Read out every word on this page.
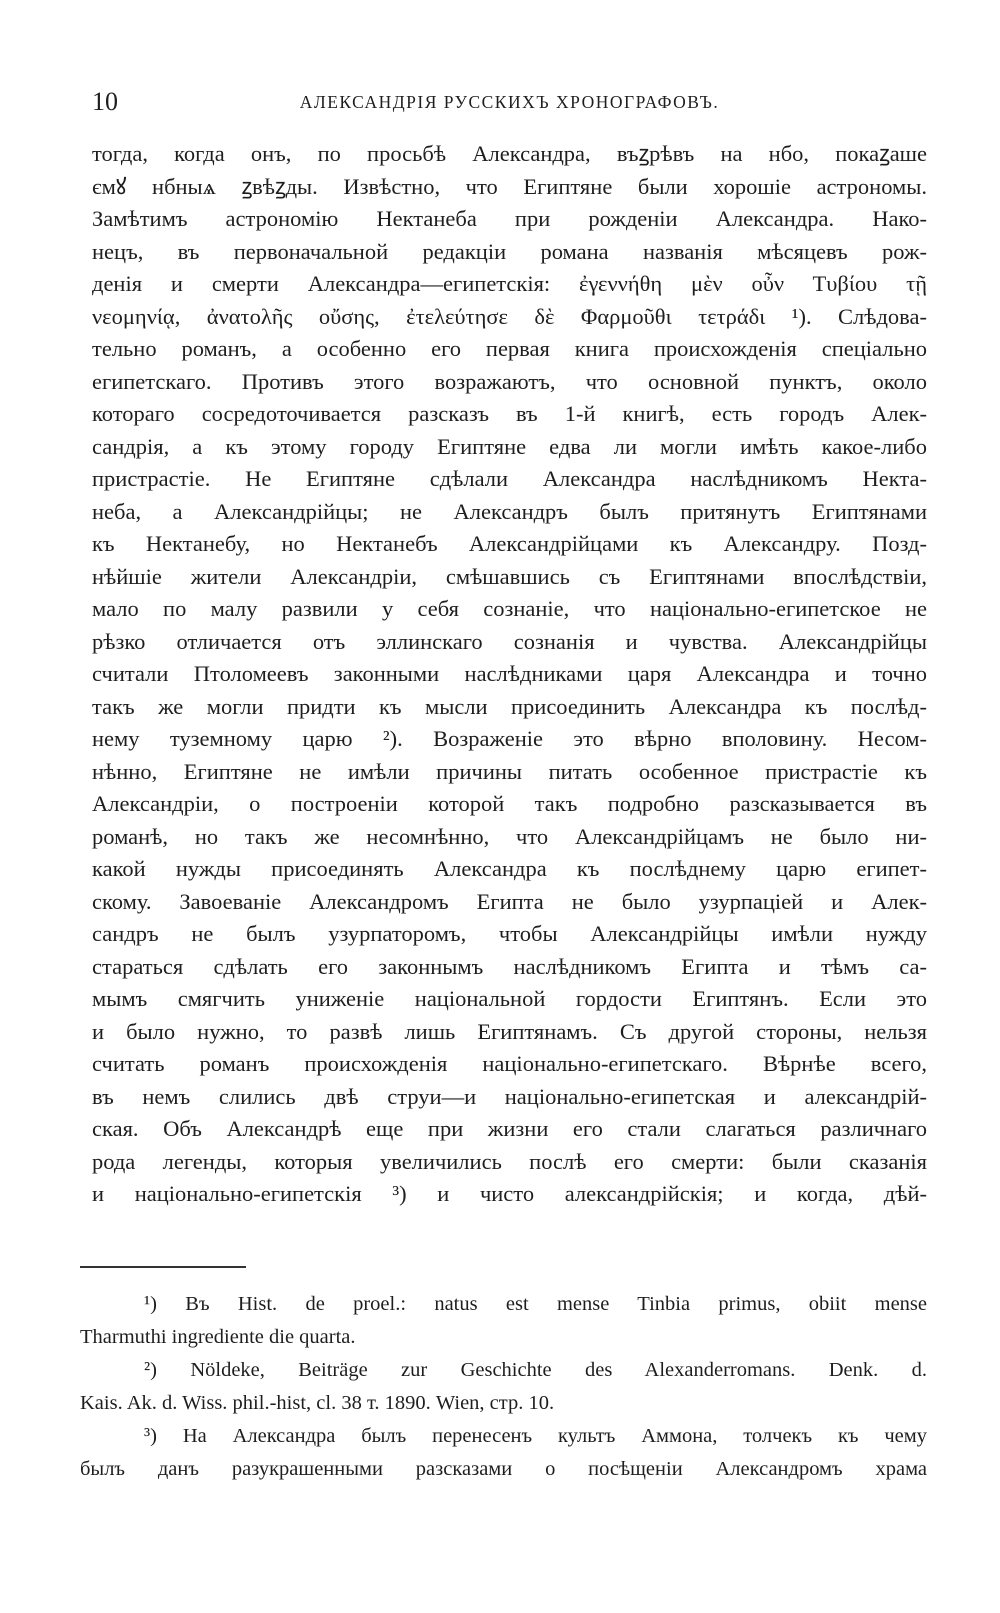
10	АЛЕКСАНДРІЯ РУССКИХЪ ХРОНОГРАФОВЪ.
тогда, когда онъ, по просьбѣ Александра, въꙁрѣвъ на нбо, покаꙁаше
ємꙋ нбныѧ ꙁвѣꙁды. Извѣстно, что Египтяне были хорошіе астрономы.
Замѣтимъ астрономію Нектанеба при рожденіи Александра. Нако-
нецъ, въ первоначальной редакціи романа названія мѣсяцевъ рож-
денія и смерти Александра—египетскія: ἐγεννήθη μὲν οὖν Τυβίου τῇ
νεομηνίᾳ, ἀνατολῆς οὔσης, ἐτελεύτησε δὲ Φαρμοῦθι τετράδι ¹). Слѣдова-
тельно романъ, а особенно его первая книга происхожденія спеціально
египетскаго. Противъ этого возражаютъ, что основной пунктъ, около
котораго сосредоточивается разсказъ въ 1-й книгѣ, есть городъ Алек-
сандрія, а къ этому городу Египтяне едва ли могли имѣть какое-либо
пристрастіе. Не Египтяне сдѣлали Александра наслѣдникомъ Некта-
неба, а Александрійцы; не Александръ былъ притянутъ Египтянами
къ Нектанебу, но Нектанебъ Александрійцами къ Александру. Позд-
нѣйшіе жители Александріи, смѣшавшись съ Египтянами впослѣдствіи,
мало по малу развили у себя сознаніе, что національно-египетское не
рѣзко отличается отъ эллинскаго сознанія и чувства. Александрійцы
считали Птоломеевъ законными наслѣдниками царя Александра и точно
такъ же могли придти къ мысли присоединить Александра къ послѣд-
нему туземному царю ²). Возраженіе это вѣрно вполовину. Несом-
нѣнно, Египтяне не имѣли причины питать особенное пристрастіе къ
Александріи, о построеніи которой такъ подробно разсказывается въ
романѣ, но такъ же несомнѣнно, что Александрійцамъ не было ни-
какой нужды присоединять Александра къ послѣднему царю египет-
скому. Завоеваніе Александромъ Египта не было узурпаціей и Алек-
сандръ не былъ узурпаторомъ, чтобы Александрійцы имѣли нужду
стараться сдѣлать его законнымъ наслѣдникомъ Египта и тѣмъ са-
мымъ смягчить униженіе національной гордости Египтянъ. Если это
и было нужно, то развѣ лишь Египтянамъ. Съ другой стороны, нельзя
считать романъ происхожденія національно-египетскаго. Вѣрнѣе всего,
въ немъ слились двѣ струи—и національно-египетская и александрій-
ская. Объ Александрѣ еще при жизни его стали слагаться различнаго
рода легенды, которыя увеличились послѣ его смерти: были сказанія
и національно-египетскія ³) и чисто александрійскія; и когда, дѣй-
¹) Въ Hist. de proel.: natus est mense Tinbia primus, obiit mense
Tharmuthi ingrediente die quarta.
²) Nöldeke, Beiträge zur Geschichte des Alexanderromans. Denk. d.
Kais. Ak. d. Wiss. phil.-hist, cl. 38 т. 1890. Wien, стр. 10.
³) На Александра былъ перенесенъ культъ Аммона, толчекъ къ чему
былъ данъ разукрашенными разсказами о посѣщеніи Александромъ храма
